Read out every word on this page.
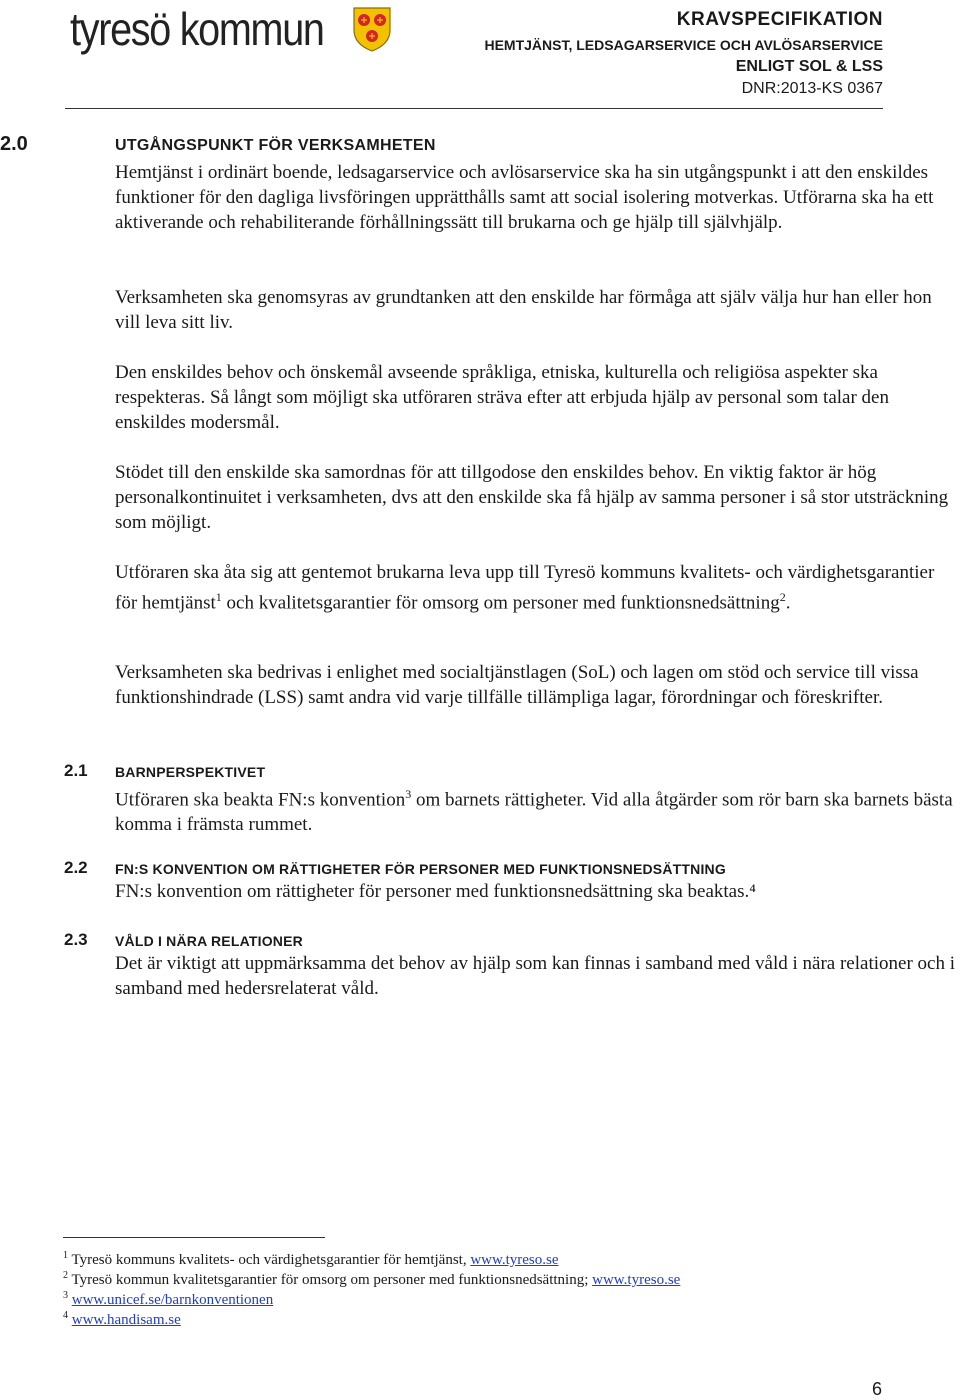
tyresö kommun	KRAVSPECIFIKATION
HEMTJÄNST, LEDSAGARSERVICE OCH AVLÖSARSERVICE
ENLIGT SOL & LSS
DNR:2013-KS 0367
2.0	UTGÅNGSPUNKT FÖR VERKSAMHETEN

Hemtjänst i ordinärt boende, ledsagarservice och avlösarservice ska ha sin utgångspunkt i att den enskildes funktioner för den dagliga livsföringen upprätthålls samt att social isolering motverkas. Utförarna ska ha ett aktiverande och rehabiliterande förhållningssätt till brukarna och ge hjälp till självhjälp.

Verksamheten ska genomsyras av grundtanken att den enskilde har förmåga att själv välja hur han eller hon vill leva sitt liv.

Den enskildes behov och önskemål avseende språkliga, etniska, kulturella och religiösa aspekter ska respekteras. Så långt som möjligt ska utföraren sträva efter att erbjuda hjälp av personal som talar den enskildes modersmål.

Stödet till den enskilde ska samordnas för att tillgodose den enskildes behov. En viktig faktor är hög personalkontinuitet i verksamheten, dvs att den enskilde ska få hjälp av samma personer i så stor utsträckning som möjligt.

Utföraren ska åta sig att gentemot brukarna leva upp till Tyresö kommuns kvalitets- och värdighetsgarantier för hemtjänst$^1$ och kvalitetsgarantier för omsorg om personer med funktionsnedsättning$^2$.

Verksamheten ska bedrivas i enlighet med socialtjänstlagen (SoL) och lagen om stöd och service till vissa funktionshindrade (LSS) samt andra vid varje tillfälle tillämpliga lagar, förordningar och föreskrifter.

2.1 BARNPERSPEKTIVET

Utföraren ska beakta FN:s konvention$^3$ om barnets rättigheter. Vid alla åtgärder som rör barn ska barnets bästa komma i främsta rummet.

2.2 FN:S KONVENTION OM RÄTTIGHETER FÖR PERSONER MED FUNKTIONSNEDSÄTTNING

FN:s konvention om rättigheter för personer med funktionsnedsättning ska beaktas.⁴

2.3 VÅLD I NÄRA RELATIONER

Det är viktigt att uppmärksamma det behov av hjälp som kan finnas i samband med våld i nära relationer och i samband med hedersrelaterat våld.

$^1$ Tyresö kommuns kvalitets- och värdighetsgarantier för hemtjänst, www.tyreso.se
$^2$ Tyresö kommun kvalitetsgarantier för omsorg om personer med funktionsnedsättning; www.tyreso.se
$^3$ www.unicef.se/barnkonventionen
$^4$ www.handisam.se
6
